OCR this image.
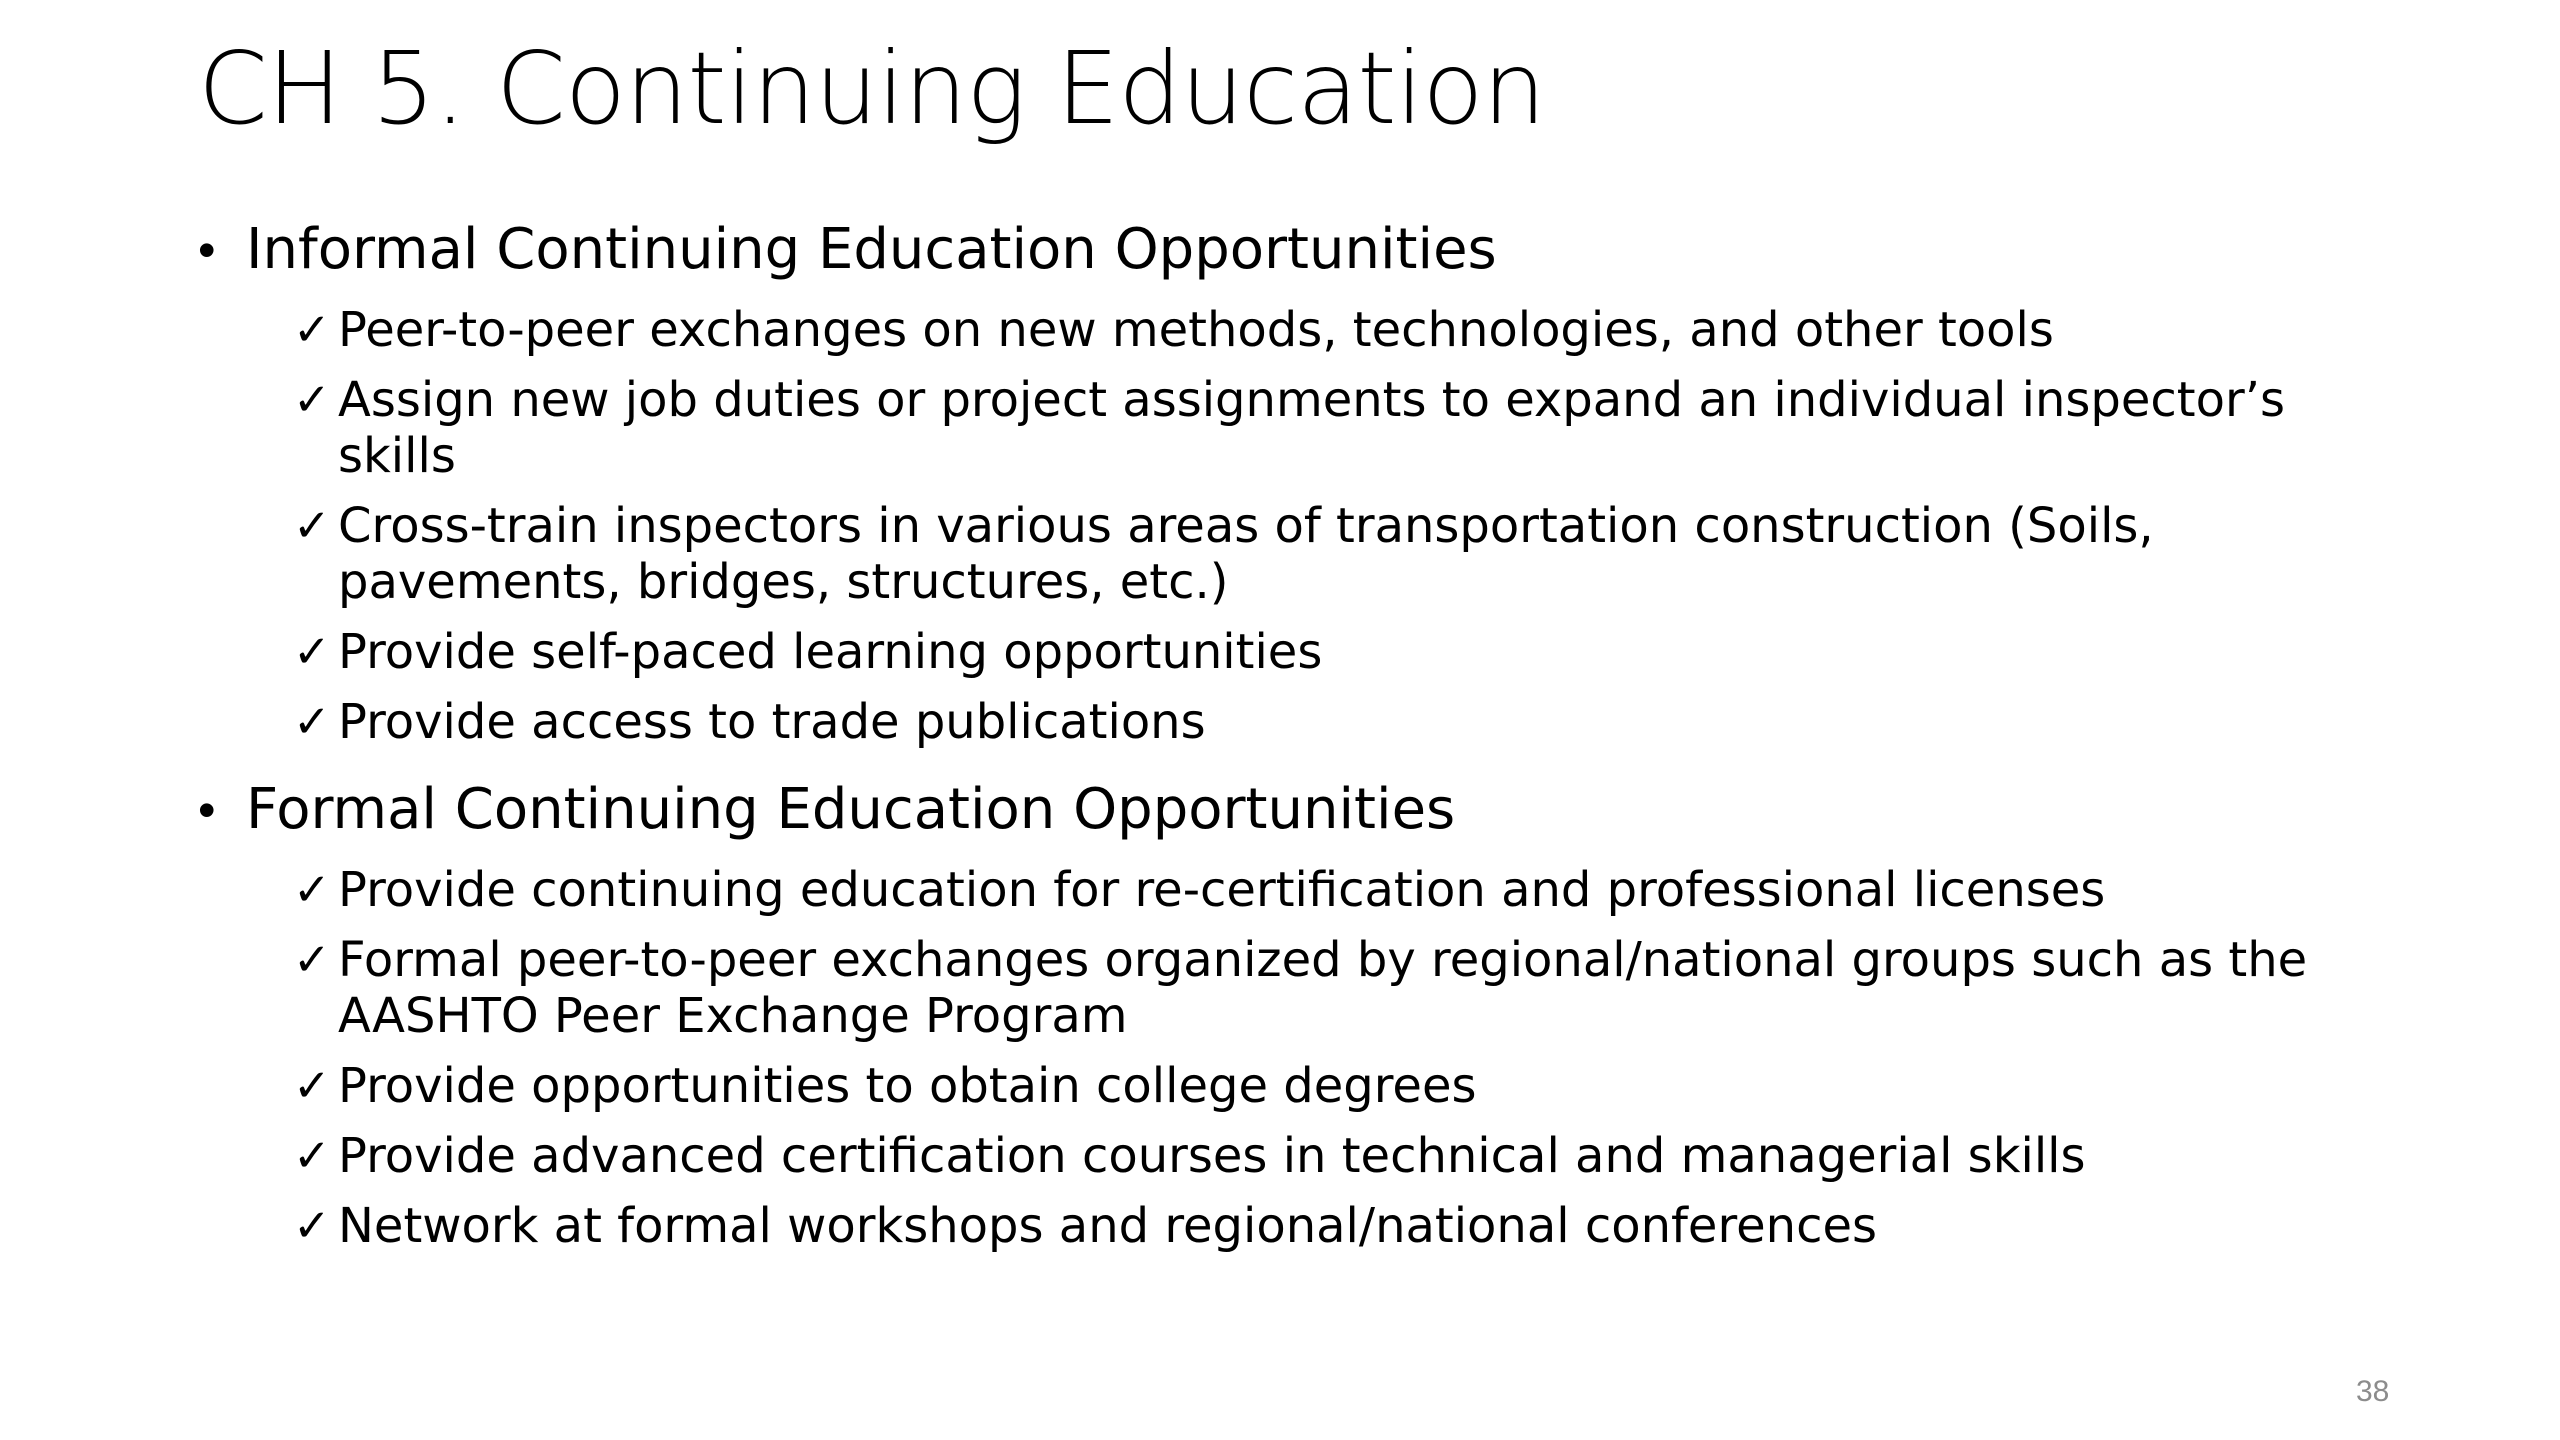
CH 5. Continuing Education
• Informal Continuing Education Opportunities
✓ Peer-to-peer exchanges on new methods, technologies, and other tools
✓ Assign new job duties or project assignments to expand an individual inspector’s skills
✓ Cross-train inspectors in various areas of transportation construction (Soils, pavements, bridges, structures, etc.)
✓ Provide self-paced learning opportunities
✓ Provide access to trade publications
• Formal Continuing Education Opportunities
✓ Provide continuing education for re-certification and professional licenses
✓ Formal peer-to-peer exchanges organized by regional/national groups such as the AASHTO Peer Exchange Program
✓ Provide opportunities to obtain college degrees
✓ Provide advanced certification courses in technical and managerial skills
✓ Network at formal workshops and regional/national conferences
38
